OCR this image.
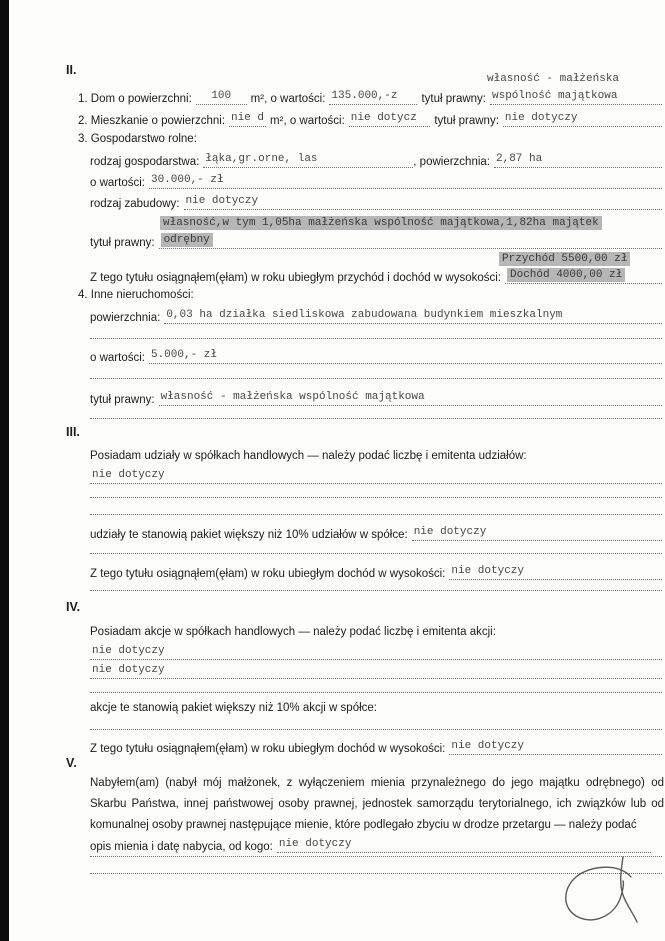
II.
własność - małżeńska
1. Dom o powierzchni:	100	m², o wartości: 135.000,-z	tytuł prawny: wspólność majątkowa
2. Mieszkanie o powierzchni: nie d m², o wartości: nie dotycz	tytuł prawny: nie dotyczy
3. Gospodarstwo rolne:
rodzaj gospodarstwa: łąka,gr.orne, las	, powierzchnia: 2,87 ha
o wartości: 30.000,- zł
rodzaj zabudowy: nie dotyczy
własność,w tym 1,05ha małżeńska wspólność majątkowa,1,82ha majątek
tytuł prawny: odrębny
Przychód 5500,00 zł
Z tego tytułu osiągnąłem(ęłam) w roku ubiegłym przychód i dochód w wysokości: Dochód 4000,00 zł
4. Inne nieruchomości:
powierzchnia: 0,03 ha działka siedliskowa zabudowana budynkiem mieszkalnym
o wartości: 5.000,- zł
tytuł prawny: własność - małżeńska wspólność majątkowa
III.
Posiadam udziały w spółkach handlowych — należy podać liczbę i emitenta udziałów:
nie dotyczy
udziały te stanowią pakiet większy niż 10% udziałów w spółce: nie dotyczy
Z tego tytułu osiągnąłem(ęłam) w roku ubiegłym dochód w wysokości: nie dotyczy
IV.
Posiadam akcje w spółkach handlowych — należy podać liczbę i emitenta akcji:
nie dotyczy
nie dotyczy
akcje te stanowią pakiet większy niż 10% akcji w spółce:
Z tego tytułu osiągnąłem(ęłam) w roku ubiegłym dochód w wysokości: nie dotyczy
V.
Nabyłem(am) (nabył mój małżonek, z wyłączeniem mienia przynależnego do jego majątku odrębnego) od Skarbu Państwa, innej państwowej osoby prawnej, jednostek samorządu terytorialnego, ich związków lub od komunalnej osoby prawnej następujące mienie, które podlegało zbyciu w drodze przetargu — należy podać
opis mienia i datę nabycia, od kogo: nie dotyczy
